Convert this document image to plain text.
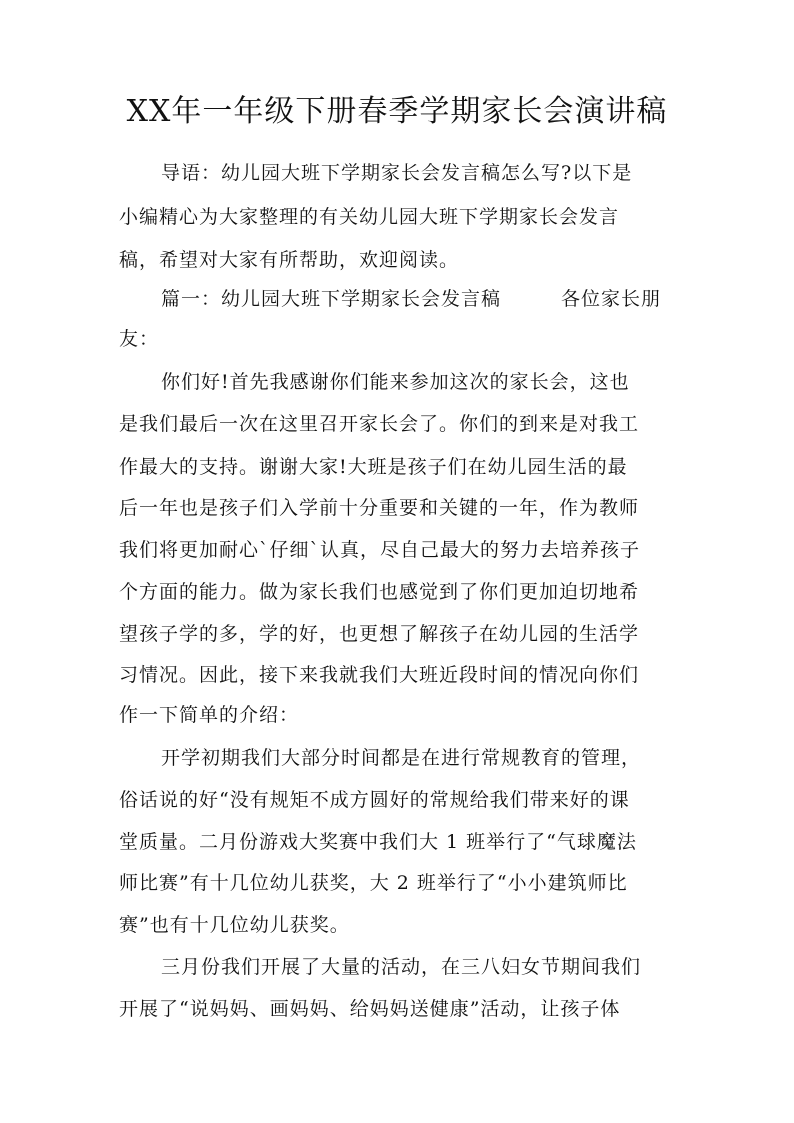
XX年一年级下册春季学期家长会演讲稿
导语：幼儿园大班下学期家长会发言稿怎么写?以下是
小编精心为大家整理的有关幼儿园大班下学期家长会发言
稿，希望对大家有所帮助，欢迎阅读。
篇一：幼儿园大班下学期家长会发言稿　　　各位家长朋
友：
你们好!首先我感谢你们能来参加这次的家长会，这也
是我们最后一次在这里召开家长会了。你们的到来是对我工
作最大的支持。谢谢大家!大班是孩子们在幼儿园生活的最
后一年也是孩子们入学前十分重要和关键的一年，作为教师
我们将更加耐心`仔细`认真，尽自己最大的努力去培养孩子
个方面的能力。做为家长我们也感觉到了你们更加迫切地希
望孩子学的多，学的好，也更想了解孩子在幼儿园的生活学
习情况。因此，接下来我就我们大班近段时间的情况向你们
作一下简单的介绍：
开学初期我们大部分时间都是在进行常规教育的管理，
俗话说的好“没有规矩不成方圆好的常规给我们带来好的课
堂质量。二月份游戏大奖赛中我们大 1 班举行了“气球魔法
师比赛”有十几位幼儿获奖，大 2 班举行了“小小建筑师比
赛”也有十几位幼儿获奖。
三月份我们开展了大量的活动，在三八妇女节期间我们
开展了“说妈妈、画妈妈、给妈妈送健康”活动，让孩子体
